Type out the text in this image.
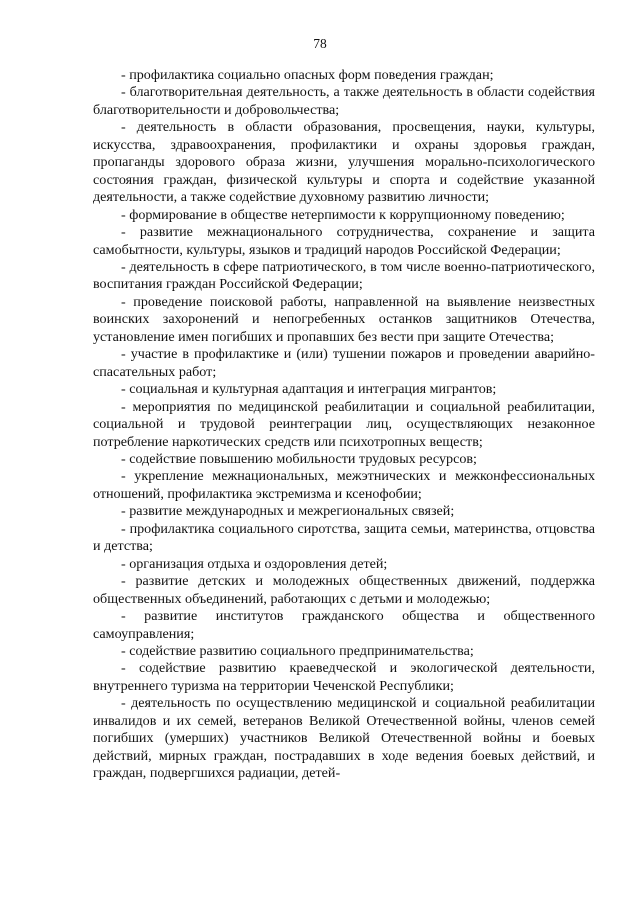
78

- профилактика социально опасных форм поведения граждан;

- благотворительная деятельность, а также деятельность в области содействия благотворительности и добровольчества;

- деятельность в области образования, просвещения, науки, культуры, искусства, здравоохранения, профилактики и охраны здоровья граждан, пропаганды здорового образа жизни, улучшения морально-психологического состояния граждан, физической культуры и спорта и содействие указанной деятельности, а также содействие духовному развитию личности;

- формирование в обществе нетерпимости к коррупционному поведению;

- развитие межнационального сотрудничества, сохранение и защита самобытности, культуры, языков и традиций народов Российской Федерации;

- деятельность в сфере патриотического, в том числе военно-патриотического, воспитания граждан Российской Федерации;

- проведение поисковой работы, направленной на выявление неизвестных воинских захоронений и непогребенных останков защитников Отечества, установление имен погибших и пропавших без вести при защите Отечества;

- участие в профилактике и (или) тушении пожаров и проведении аварийно-спасательных работ;

- социальная и культурная адаптация и интеграция мигрантов;

- мероприятия по медицинской реабилитации и социальной реабилитации, социальной и трудовой реинтеграции лиц, осуществляющих незаконное потребление наркотических средств или психотропных веществ;

- содействие повышению мобильности трудовых ресурсов;

- укрепление межнациональных, межэтнических и межконфессиональных отношений, профилактика экстремизма и ксенофобии;

- развитие международных и межрегиональных связей;

- профилактика социального сиротства, защита семьи, материнства, отцовства и детства;

- организация отдыха и оздоровления детей;

- развитие детских и молодежных общественных движений, поддержка общественных объединений, работающих с детьми и молодежью;

- развитие институтов гражданского общества и общественного самоуправления;

- содействие развитию социального предпринимательства;

- содействие развитию краеведческой и экологической деятельности, внутреннего туризма на территории Чеченской Республики;

- деятельность по осуществлению медицинской и социальной реабилитации инвалидов и их семей, ветеранов Великой Отечественной войны, членов семей погибших (умерших) участников Великой Отечественной войны и боевых действий, мирных граждан, пострадавших в ходе ведения боевых действий, и граждан, подвергшихся радиации, детей-
